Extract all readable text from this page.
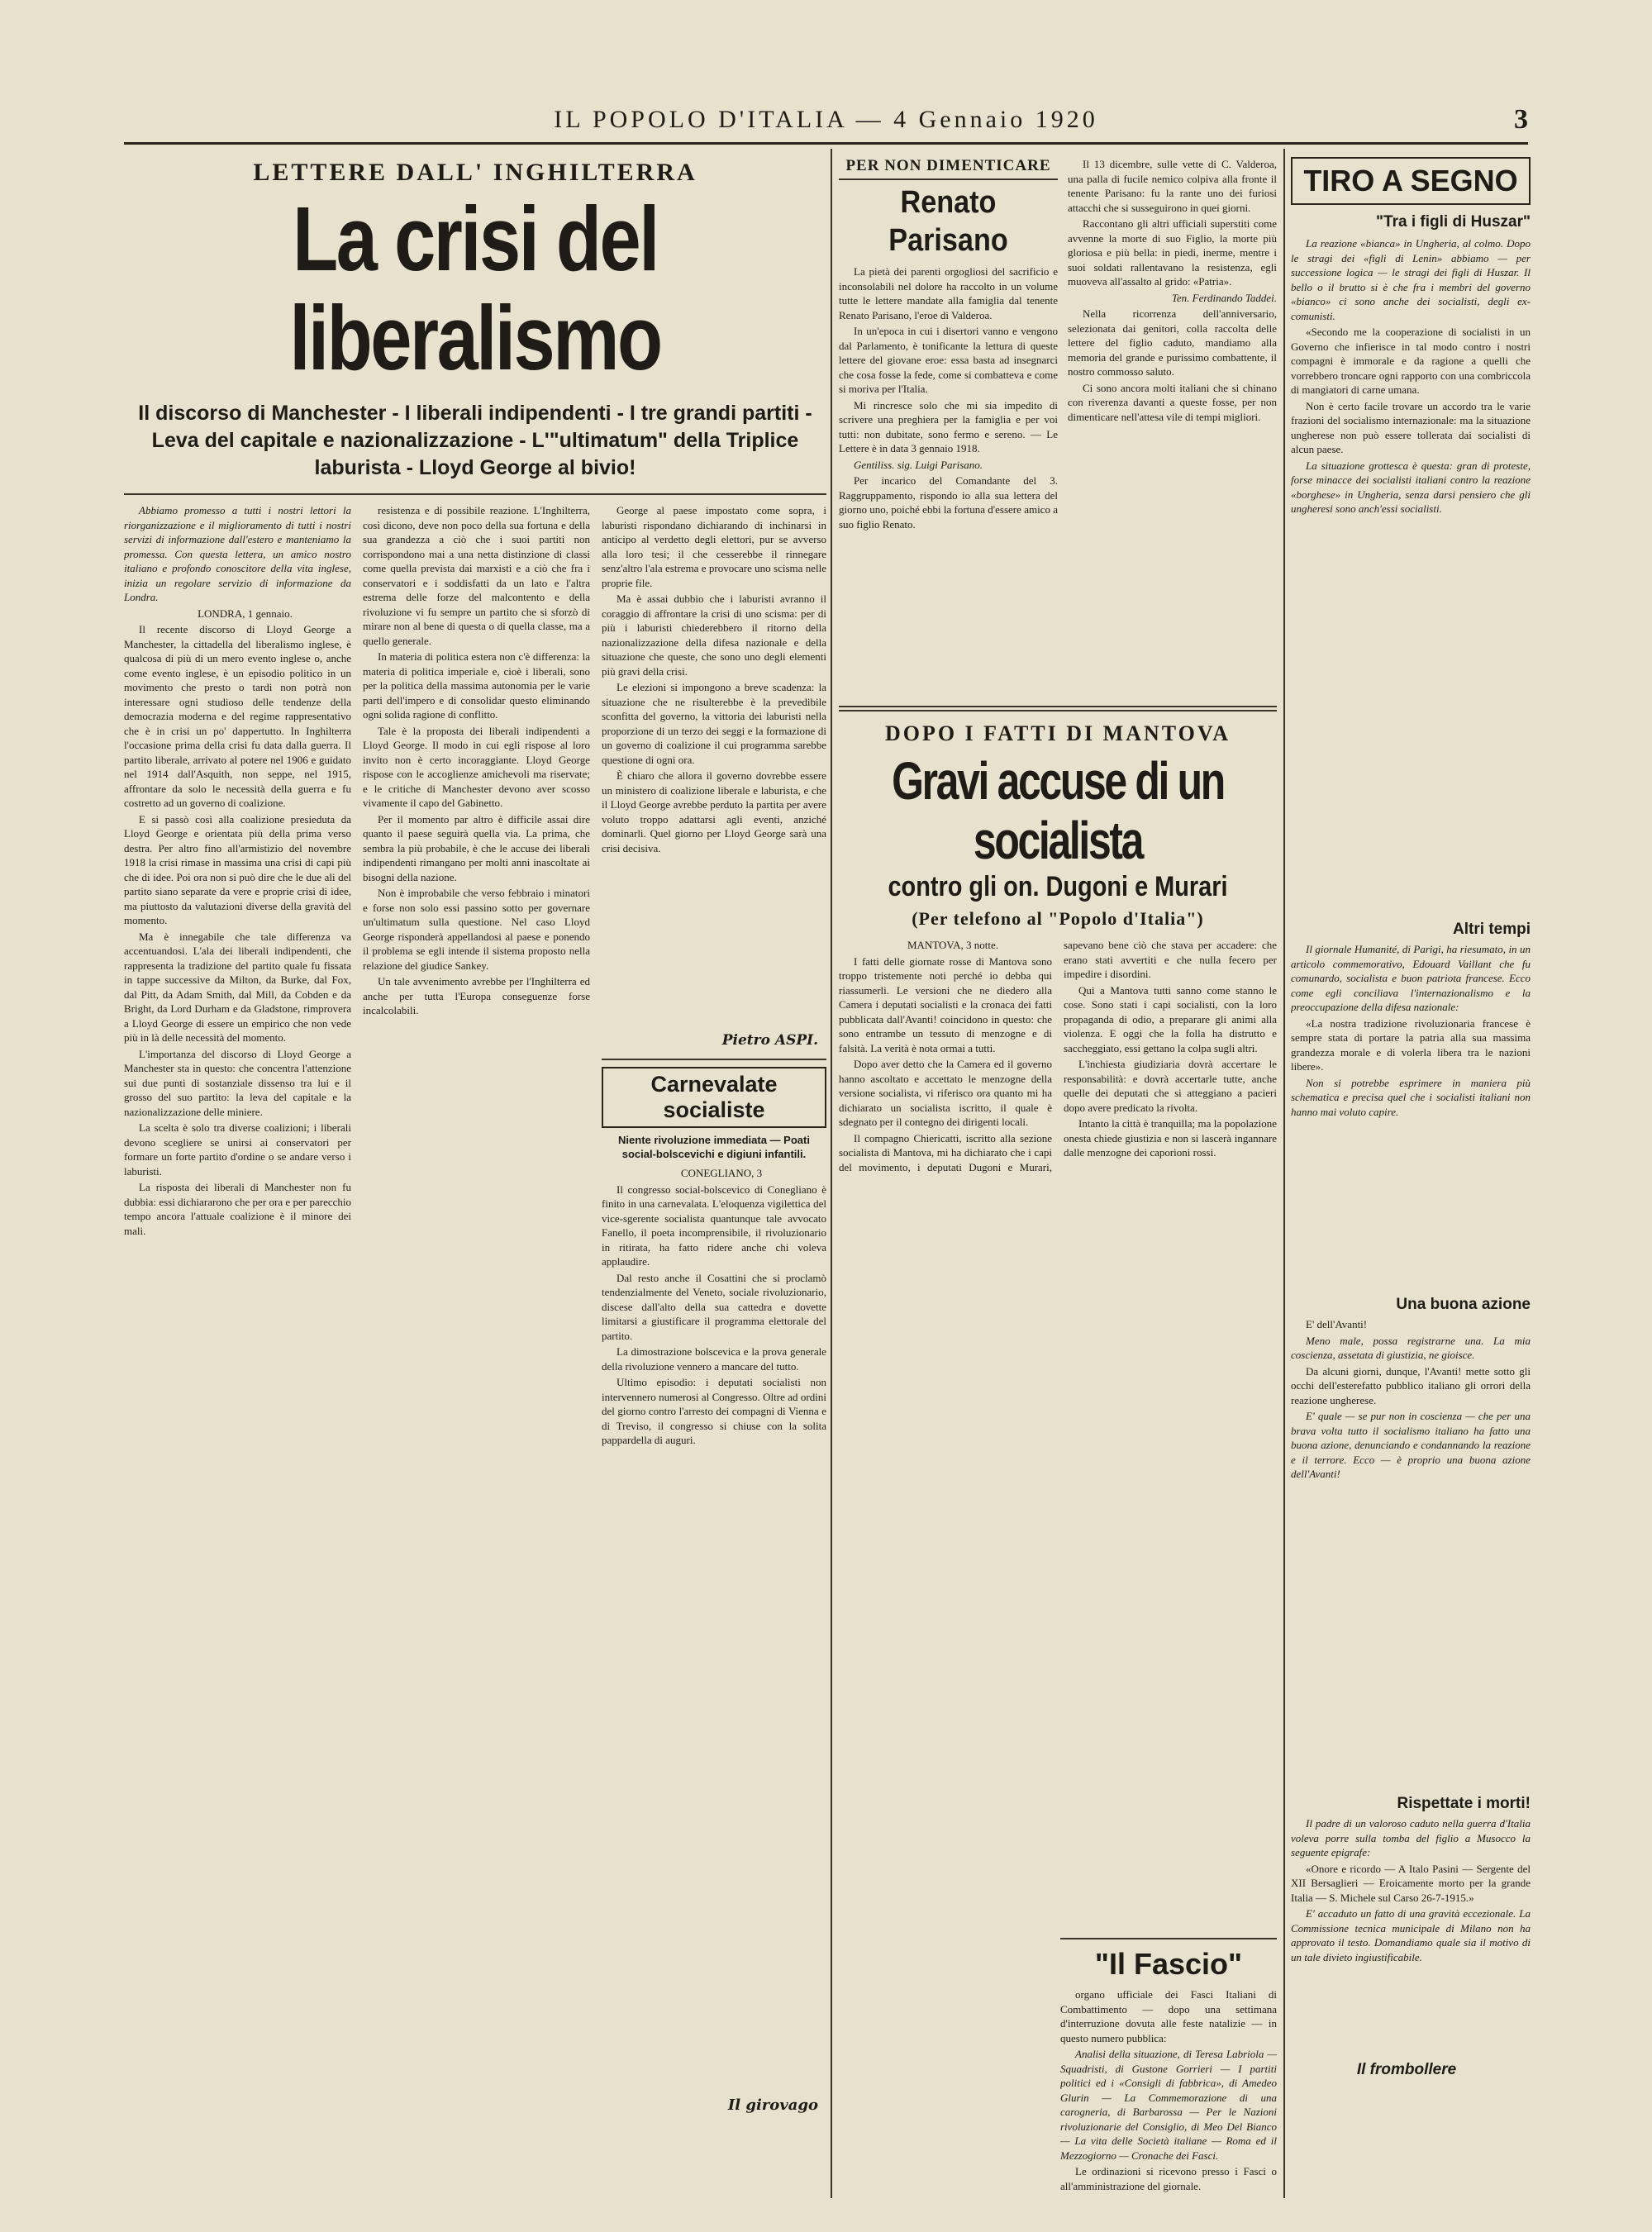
IL POPOLO D'ITALIA — 4 Gennaio 1920	3
LETTERE DALL' INGHILTERRA
La crisi del liberalismo
Il discorso di Manchester - I liberali indipendenti - I tre grandi partiti - Leva del capitale e nazionalizzazione - L'"ultimatum" della Triplice laburista - Lloyd George al bivio!

Abbiamo promesso a tutti i nostri lettori la riorganizzazione e il miglioramento di tutti i nostri servizi di informazione dall'estero e manteniamo la promessa. Con questa lettera, un amico nostro italiano e profondo conoscitore della vita inglese, inizia un regolare servizio di informazione da Londra.

LONDRA, 1 gennaio.

Il recente discorso di Lloyd George a Manchester, la cittadella del liberalismo inglese, è qualcosa di più di un mero evento inglese o, anche come evento inglese, è un episodio politico in un movimento che presto o tardi non potrà non interessare ogni studioso delle tendenze della democrazia moderna e del regime rappresentativo che è in crisi un po' dappertutto. In Inghilterra l'occasione prima della crisi fu data dalla guerra. Il partito liberale, arrivato al potere nel 1906 e guidato nel 1914 dall'Asquith, non seppe, nel 1915, affrontare da solo le necessità della guerra e fu costretto ad un governo di coalizione.

E si passò così alla coalizione presieduta da Lloyd George e orientata più della prima verso destra. Per altro fino all'armistizio del novembre 1918 la crisi rimase in massima una crisi di capi più che di idee. Poi ora non si può dire che le due ali del partito siano separate da vere e proprie crisi di idee, ma piuttosto da valutazioni diverse della gravità del momento.

Ma è innegabile che tale differenza va accentuandosi. L'ala dei liberali indipendenti, che rappresenta la tradizione del partito quale fu fissata in tappe successive da Milton, da Burke, dal Fox, dal Pitt, da Adam Smith, dal Mill, da Cobden e da Bright, da Lord Durham e da Gladstone, rimprovera a Lloyd George di essere un empirico che non vede più in là delle necessità del momento.

L'importanza del discorso di Lloyd George a Manchester sta in questo: che concentra l'attenzione sui due punti di sostanziale dissenso tra lui e il grosso del suo partito: la leva del capitale e la nazionalizzazione delle miniere.

La scelta è solo tra diverse coalizioni; i liberali devono scegliere se unirsi ai conservatori per formare un forte partito d'ordine o se andare verso i laburisti.

La risposta dei liberali di Manchester non fu dubbia: essi dichiararono che per ora e per parecchio tempo ancora l'attuale coalizione è il minore dei mali.

resistenza e di possibile reazione. L'Inghilterra, così dicono, deve non poco della sua fortuna e della sua grandezza a ciò che i suoi partiti non corrispondono mai a una netta distinzione di classi come quella prevista dai marxisti e a ciò che fra i conservatori e i soddisfatti da un lato e l'altra estrema delle forze del malcontento e della rivoluzione vi fu sempre un partito che si sforzò di mirare non al bene di questa o di quella classe, ma a quello generale.

In materia di politica estera non c'è differenza: la materia di politica imperiale e, cioè i liberali, sono per la politica della massima autonomia per le varie parti dell'impero e di consolidar questo eliminando ogni solida ragione di conflitto.

Tale è la proposta dei liberali indipendenti a Lloyd George. Il modo in cui egli rispose al loro invito non è certo incoraggiante. Lloyd George rispose con le accoglienze amichevoli ma riservate; e le critiche di Manchester devono aver scosso vivamente il capo del Gabinetto.

Per il momento par altro è difficile assai dire quanto il paese seguirà quella via. La prima, che sembra la più probabile, è che le accuse dei liberali indipendenti rimangano per molti anni inascoltate ai bisogni della nazione.

Non è improbabile che verso febbraio i minatori e forse non solo essi passino sotto per governare un'ultimatum sulla questione. Nel caso Lloyd George risponderà appellandosi al paese e ponendo il problema se egli intende il sistema proposto nella relazione del giudice Sankey.

Un tale avvenimento avrebbe per l'Inghilterra ed anche per tutta l'Europa conseguenze forse incalcolabili.

George al paese impostato come sopra, i laburisti rispondano dichiarando di inchinarsi in anticipo al verdetto degli elettori, pur se avverso alla loro tesi; il che cesserebbe il rinnegare senz'altro l'ala estrema e provocare uno scisma nelle proprie file.

Ma è assai dubbio che i laburisti avranno il coraggio di affrontare la crisi di uno scisma: per di più i laburisti chiederebbero il ritorno della nazionalizzazione della difesa nazionale e della situazione che queste, che sono uno degli elementi più gravi della crisi.

Le elezioni si impongono a breve scadenza: la situazione che ne risulterebbe è la prevedibile sconfitta del governo, la vittoria dei laburisti nella proporzione di un terzo dei seggi e la formazione di un governo di coalizione il cui programma sarebbe questione di ogni ora.

È chiaro che allora il governo dovrebbe essere un ministero di coalizione liberale e laburista, e che il Lloyd George avrebbe perduto la partita per avere voluto troppo adattarsi agli eventi, anziché dominarli. Quel giorno per Lloyd George sarà una crisi decisiva.

Pietro ASPI.
Carnevalate socialiste
Niente rivoluzione immediata — Poati social-bolscevichi e digiuni infantili.

CONEGLIANO, 3

Il congresso social-bolscevico di Conegliano è finito in una carnevalata. L'eloquenza vigilettica del vice-sgerente socialista quantunque tale avvocato Fanello, il poeta incomprensibile, il rivoluzionario in ritirata, ha fatto ridere anche chi voleva applaudire.

Dal resto anche il Cosattini che si proclamò tendenzialmente del Veneto, sociale rivoluzionario, discese dall'alto della sua cattedra e dovette limitarsi a giustificare il programma elettorale del partito.

La dimostrazione bolscevica e la prova generale della rivoluzione vennero a mancare del tutto.

Ultimo episodio: i deputati socialisti non intervennero numerosi al Congresso. Oltre ad ordini del giorno contro l'arresto dei compagni di Vienna e di Treviso, il congresso si chiuse con la solita pappardella di auguri.

Il girovago
PER NON DIMENTICARE
Renato Parisano

La pietà dei parenti orgogliosi del sacrificio e inconsolabili nel dolore ha raccolto in un volume tutte le lettere mandate alla famiglia dal tenente Renato Parisano, l'eroe di Valderoa.

In un'epoca in cui i disertori vanno e vengono dal Parlamento, è tonificante la lettura di queste lettere del giovane eroe: essa basta ad insegnarci che cosa fosse la fede, come si combatteva e come si moriva per l'Italia.

Mi rincresce solo che mi sia impedito di scrivere una preghiera per la famiglia e per voi tutti: non dubitate, sono fermo e sereno. — Le Lettere è in data 3 gennaio 1918.

Gentiliss. sig. Luigi Parisano.

Per incarico del Comandante del 3. Raggruppamento, rispondo io alla sua lettera del giorno uno, poiché ebbi la fortuna d'essere amico a suo figlio Renato.

Il 13 dicembre, sulle vette di C. Valderoa, una palla di fucile nemico colpiva alla fronte il tenente Parisano: fu la rante uno dei furiosi attacchi che si susseguirono in quei giorni.

Raccontano gli altri ufficiali superstiti come avvenne la morte di suo Figlio, la morte più gloriosa e più bella: in piedi, inerme, mentre i suoi soldati rallentavano la resistenza, egli muoveva all'assalto al grido: «Patria».

Ten. Ferdinando Taddei.

Nella ricorrenza dell'anniversario, selezionata dai genitori, colla raccolta delle lettere del figlio caduto, mandiamo alla memoria del grande e purissimo combattente, il nostro commosso saluto.

Ci sono ancora molti italiani che si chinano con riverenza davanti a queste fosse, per non dimenticare nell'attesa vile di tempi migliori.

DOPO I FATTI DI MANTOVA
Gravi accuse di un socialista
contro gli on. Dugoni e Murari
(Per telefono al "Popolo d'Italia")

MANTOVA, 3 notte.

I fatti delle giornate rosse di Mantova sono troppo tristemente noti perché io debba qui riassumerli. Le versioni che ne diedero alla Camera i deputati socialisti e la cronaca dei fatti pubblicata dall'Avanti! coincidono in questo: che sono entrambe un tessuto di menzogne e di falsità. La verità è nota ormai a tutti.

Dopo aver detto che la Camera ed il governo hanno ascoltato e accettato le menzogne della versione socialista, vi riferisco ora quanto mi ha dichiarato un socialista iscritto, il quale è sdegnato per il contegno dei dirigenti locali.

Il compagno Chiericatti, iscritto alla sezione socialista di Mantova, mi ha dichiarato che i capi del movimento, i deputati Dugoni e Murari, sapevano bene ciò che stava per accadere: che erano stati avvertiti e che nulla fecero per impedire i disordini.

Qui a Mantova tutti sanno come stanno le cose. Sono stati i capi socialisti, con la loro propaganda di odio, a preparare gli animi alla violenza. E oggi che la folla ha distrutto e saccheggiato, essi gettano la colpa sugli altri.

L'inchiesta giudiziaria dovrà accertare le responsabilità: e dovrà accertarle tutte, anche quelle dei deputati che si atteggiano a pacieri dopo avere predicato la rivolta.

Intanto la città è tranquilla; ma la popolazione onesta chiede giustizia e non si lascerà ingannare dalle menzogne dei caporioni rossi.

"Il Fascio"

organo ufficiale dei Fasci Italiani di Combattimento — dopo una settimana d'interruzione dovuta alle feste natalizie — in questo numero pubblica:

Analisi della situazione, di Teresa Labriola — Squadristi, di Gustone Gorrieri — I partiti politici ed i «Consigli di fabbrica», di Amedeo Glurin — La Commemorazione di una carogneria, di Barbarossa — Per le Nazioni rivoluzionarie del Consiglio, di Meo Del Bianco — La vita delle Società italiane — Roma ed il Mezzogiorno — Cronache dei Fasci.

Le ordinazioni si ricevono presso i Fasci o all'amministrazione del giornale.

TIRO A SEGNO
"Tra i figli di Huszar"

La reazione «bianca» in Ungheria, al colmo. Dopo le stragi dei «figli di Lenin» abbiamo — per successione logica — le stragi dei figli di Huszar. Il bello o il brutto si è che fra i membri del governo «bianco» ci sono anche dei socialisti, degli ex-comunisti.

«Secondo me la cooperazione di socialisti in un Governo che infierisce in tal modo contro i nostri compagni è immorale e da ragione a quelli che vorrebbero troncare ogni rapporto con una combriccola di mangiatori di carne umana.

Non è certo facile trovare un accordo tra le varie frazioni del socialismo internazionale: ma la situazione ungherese non può essere tollerata dai socialisti di alcun paese.

La situazione grottesca è questa: gran di proteste, forse minacce dei socialisti italiani contro la reazione «borghese» in Ungheria, senza darsi pensiero che gli ungheresi sono anch'essi socialisti.

Altri tempi

Il giornale Humanité, di Parigi, ha riesumato, in un articolo commemorativo, Edouard Vaillant che fu comunardo, socialista e buon patriota francese. Ecco come egli conciliava l'internazionalismo e la preoccupazione della difesa nazionale:

«La nostra tradizione rivoluzionaria francese è sempre stata di portare la patria alla sua massima grandezza morale e di volerla libera tra le nazioni libere».

Non si potrebbe esprimere in maniera più schematica e precisa quel che i socialisti italiani non hanno mai voluto capire.

Una buona azione

E' dell'Avanti!

Meno male, possa registrarne una. La mia coscienza, assetata di giustizia, ne gioisce.

Da alcuni giorni, dunque, l'Avanti! mette sotto gli occhi dell'esterefatto pubblico italiano gli orrori della reazione ungherese.

E' quale — se pur non in coscienza — che per una brava volta tutto il socialismo italiano ha fatto una buona azione, denunciando e condannando la reazione e il terrore. Ecco — è proprio una buona azione dell'Avanti!

Rispettate i morti!

Il padre di un valoroso caduto nella guerra d'Italia voleva porre sulla tomba del figlio a Musocco la seguente epigrafe:

«Onore e ricordo — A Italo Pasini — Sergente del XII Bersaglieri — Eroicamente morto per la grande Italia — S. Michele sul Carso 26-7-1915.»

E' accaduto un fatto di una gravità eccezionale. La Commissione tecnica municipale di Milano non ha approvato il testo. Domandiamo quale sia il motivo di un tale divieto ingiustificabile.

Il frombollere
